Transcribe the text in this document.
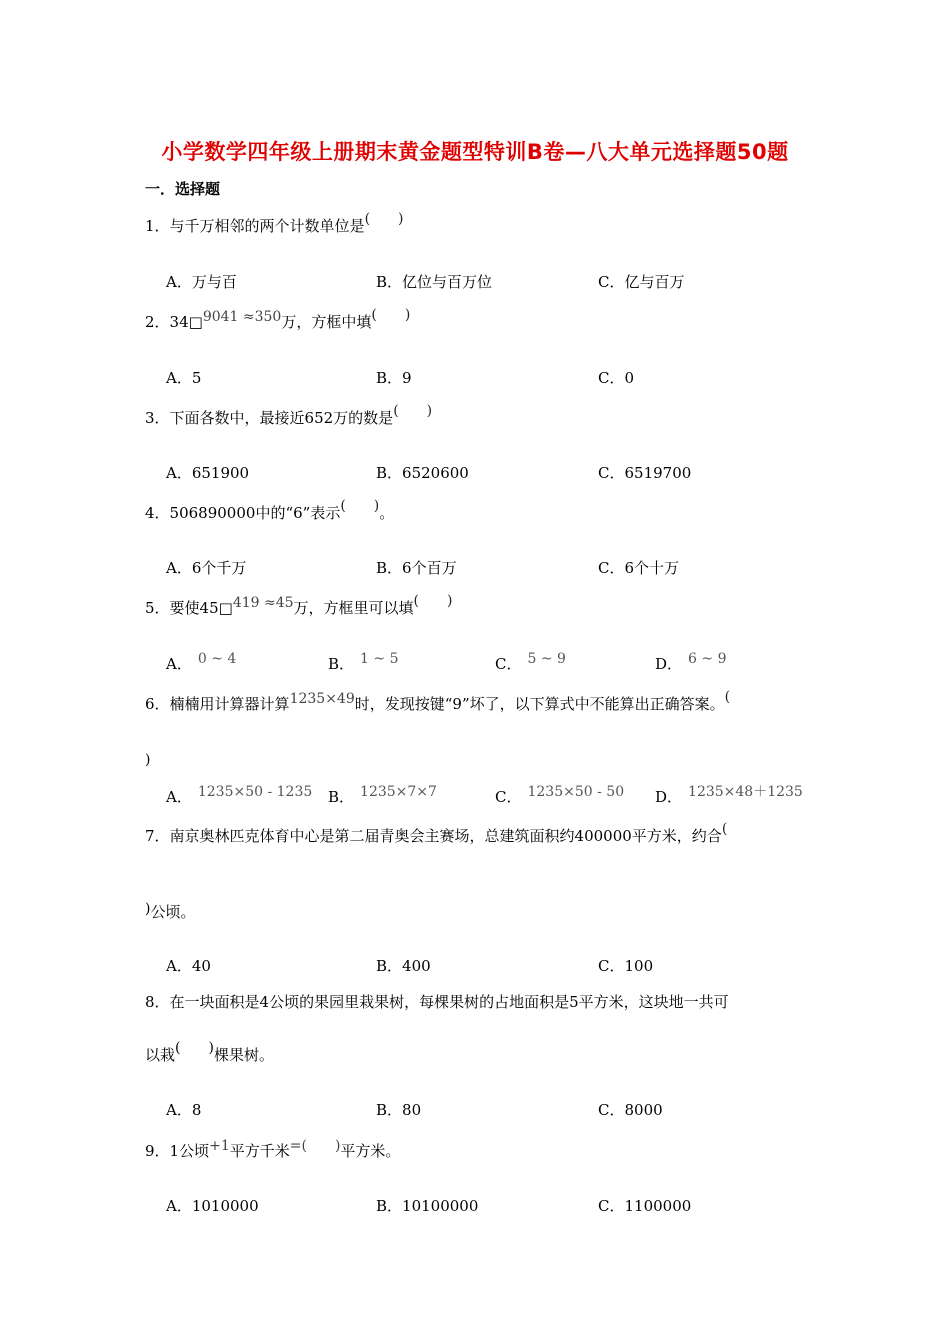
小学数学四年级上册期末黄金题型特训B卷—八大单元选择题50题
一．选择题
1．与千万相邻的两个计数单位是(　　)
A．万与百	B．亿位与百万位	C．亿与百万
2．34□9041 ≈350万，方框中填(　　)
A．5	B．9	C．0
3．下面各数中，最接近652万的数是(　　)
A．651900	B．6520600	C．6519700
4．506890000中的“6”表示(　　)。
A．6个千万	B．6个百万	C．6个十万
5．要使45□419 ≈45万，方框里可以填(　　)
A． 0 ~ 4	B． 1 ~ 5	C． 5 ~ 9	D． 6 ~ 9
6．楠楠用计算器计算1235×49时，发现按键“9”坏了，以下算式中不能算出正确答案。(
)
A． 1235×50 - 1235 B． 1235×7×7	C． 1235×50 - 50 D． 1235×48＋1235
7．南京奥林匹克体育中心是第二届青奥会主赛场，总建筑面积约400000平方米，约合(
)公顷。
A．40	B．400	C．100
8．在一块面积是4公顷的果园里栽果树，每棵果树的占地面积是5平方米，这块地一共可
以栽(　　)棵果树。
A．8	B．80	C．8000
9．1公顷+1平方千米=(　　)平方米。
A．1010000	B．10100000	C．1100000
